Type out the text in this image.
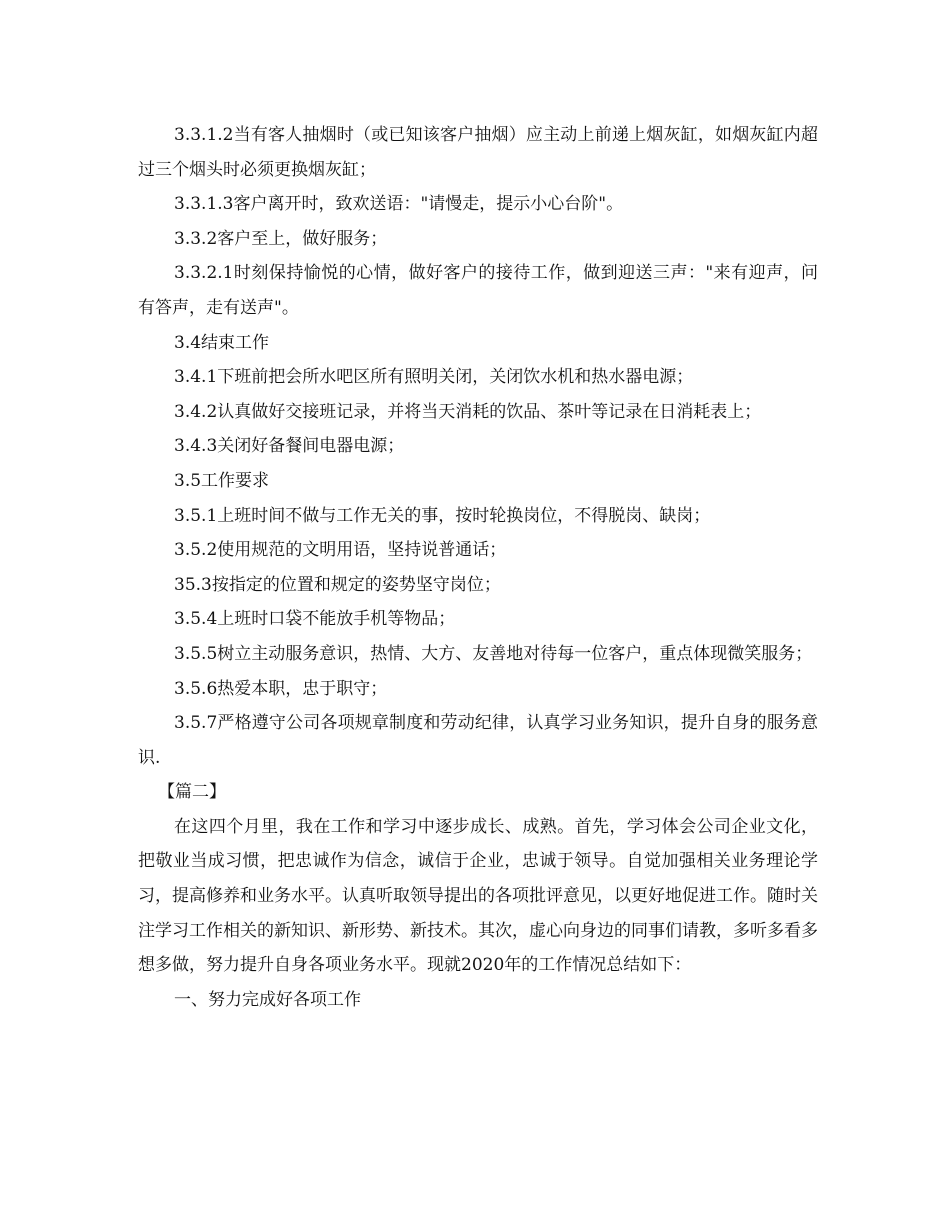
3.3.1.2当有客人抽烟时（或已知该客户抽烟）应主动上前递上烟灰缸，如烟灰缸内超过三个烟头时必须更换烟灰缸；

3.3.1.3客户离开时，致欢送语："请慢走，提示小心台阶"。

3.3.2客户至上，做好服务；

3.3.2.1时刻保持愉悦的心情，做好客户的接待工作，做到迎送三声："来有迎声，问有答声，走有送声"。

3.4结束工作

3.4.1下班前把会所水吧区所有照明关闭，关闭饮水机和热水器电源；

3.4.2认真做好交接班记录，并将当天消耗的饮品、茶叶等记录在日消耗表上；

3.4.3关闭好备餐间电器电源；

3.5工作要求

3.5.1上班时间不做与工作无关的事，按时轮换岗位，不得脱岗、缺岗；

3.5.2使用规范的文明用语，坚持说普通话；

35.3按指定的位置和规定的姿势坚守岗位；

3.5.4上班时口袋不能放手机等物品；

3.5.5树立主动服务意识，热情、大方、友善地对待每一位客户，重点体现微笑服务；

3.5.6热爱本职，忠于职守；

3.5.7严格遵守公司各项规章制度和劳动纪律，认真学习业务知识，提升自身的服务意识.

【篇二】

在这四个月里，我在工作和学习中逐步成长、成熟。首先，学习体会公司企业文化，把敬业当成习惯，把忠诚作为信念，诚信于企业，忠诚于领导。自觉加强相关业务理论学习，提高修养和业务水平。认真听取领导提出的各项批评意见，以更好地促进工作。随时关注学习工作相关的新知识、新形势、新技术。其次，虚心向身边的同事们请教，多听多看多想多做，努力提升自身各项业务水平。现就2020年的工作情况总结如下：

一、努力完成好各项工作
